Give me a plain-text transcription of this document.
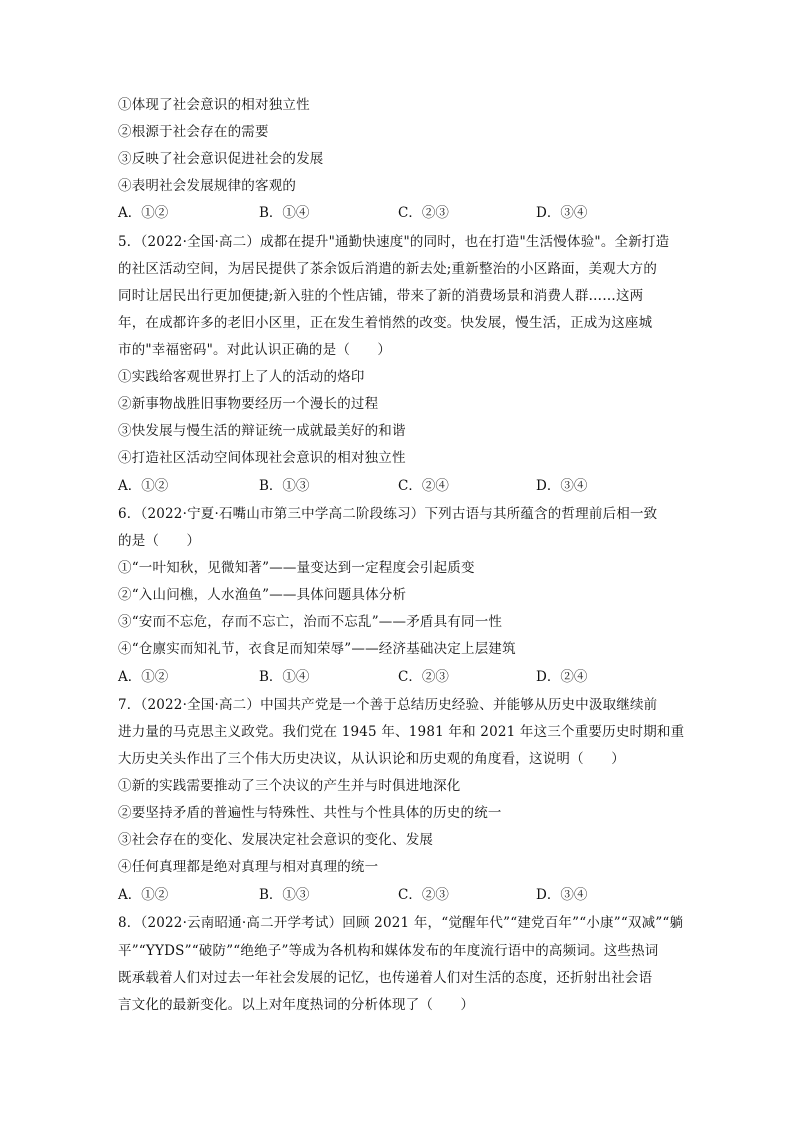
①体现了社会意识的相对独立性
②根源于社会存在的需要
③反映了社会意识促进社会的发展
④表明社会发展规律的客观的
A．①②	B．①④	C．②③	D．③④
5．（2022·全国·高二）成都在提升"通勤快速度"的同时，也在打造"生活慢体验"。全新打造
的社区活动空间，为居民提供了茶余饭后消遣的新去处;重新整治的小区路面，美观大方的
同时让居民出行更加便捷;新入驻的个性店铺，带来了新的消费场景和消费人群……这两
年，在成都许多的老旧小区里，正在发生着悄然的改变。快发展，慢生活，正成为这座城
市的"幸福密码"。对此认识正确的是（　　）
①实践给客观世界打上了人的活动的烙印
②新事物战胜旧事物要经历一个漫长的过程
③快发展与慢生活的辩证统一成就最美好的和谐
④打造社区活动空间体现社会意识的相对独立性
A．①②	B．①③	C．②④	D．③④
6．（2022·宁夏·石嘴山市第三中学高二阶段练习）下列古语与其所蕴含的哲理前后相一致
的是（　　）
①“一叶知秋，见微知著”——量变达到一定程度会引起质变
②“入山问樵，人水渔鱼”——具体问题具体分析
③“安而不忘危，存而不忘亡，治而不忘乱”——矛盾具有同一性
④“仓廪实而知礼节，衣食足而知荣辱”——经济基础决定上层建筑
A．①②	B．①④	C．②③	D．②④
7．（2022·全国·高二）中国共产党是一个善于总结历史经验、并能够从历史中汲取继续前
进力量的马克思主义政党。我们党在 1945 年、1981 年和 2021 年这三个重要历史时期和重
大历史关头作出了三个伟大历史决议，从认识论和历史观的角度看，这说明（　　）
①新的实践需要推动了三个决议的产生并与时俱进地深化
②要坚持矛盾的普遍性与特殊性、共性与个性具体的历史的统一
③社会存在的变化、发展决定社会意识的变化、发展
④任何真理都是绝对真理与相对真理的统一
A．①②	B．①③	C．②③	D．③④
8．（2022·云南昭通·高二开学考试）回顾 2021 年，“觉醒年代”“建党百年”“小康”“双减”“躺
平”“YYDS”“破防”“绝绝子”等成为各机构和媒体发布的年度流行语中的高频词。这些热词
既承载着人们对过去一年社会发展的记忆，也传递着人们对生活的态度，还折射出社会语
言文化的最新变化。以上对年度热词的分析体现了（　　）
